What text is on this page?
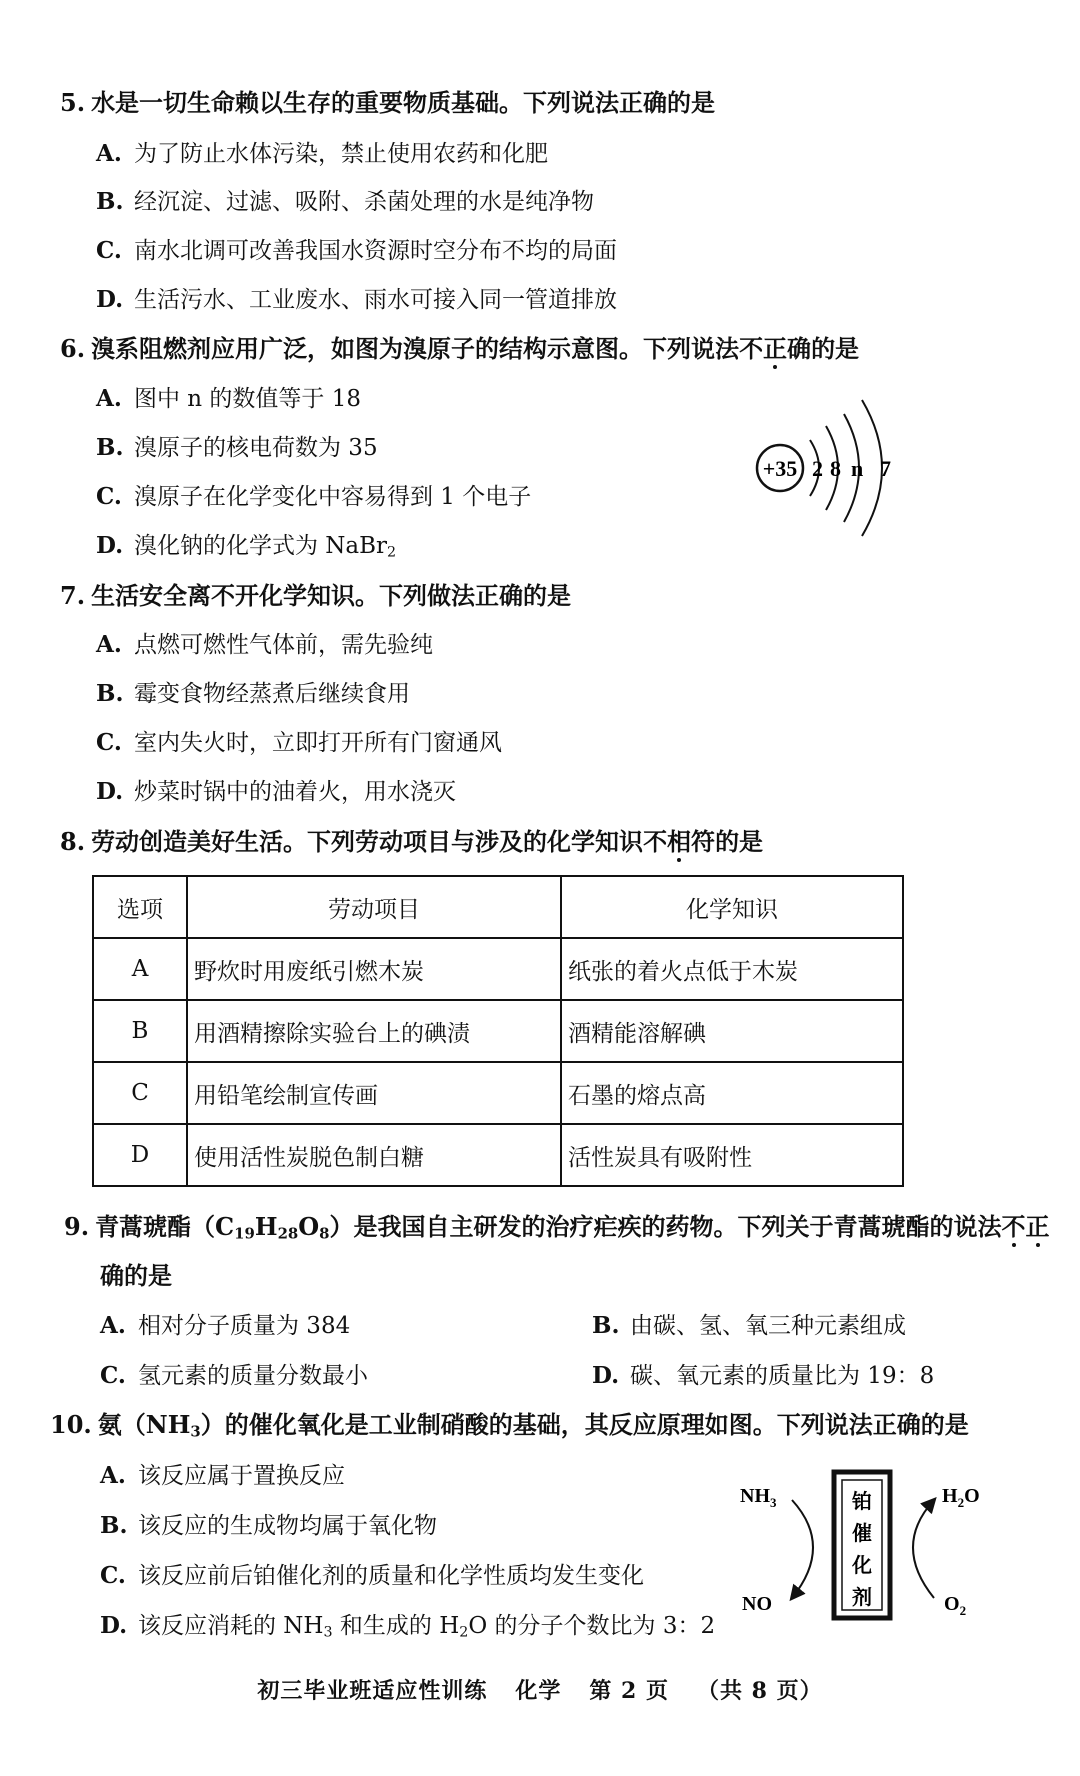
5. 水是一切生命赖以生存的重要物质基础。下列说法正确的是
A. 为了防止水体污染，禁止使用农药和化肥
B. 经沉淀、过滤、吸附、杀菌处理的水是纯净物
C. 南水北调可改善我国水资源时空分布不均的局面
D. 生活污水、工业废水、雨水可接入同一管道排放
6. 溴系阻燃剂应用广泛，如图为溴原子的结构示意图。下列说法不正确的是
A. 图中 n 的数值等于 18
B. 溴原子的核电荷数为 35
C. 溴原子在化学变化中容易得到 1 个电子
D. 溴化钠的化学式为 NaBr$_2$
+35 2 8 n 7
7. 生活安全离不开化学知识。下列做法正确的是
A. 点燃可燃性气体前，需先验纯
B. 霉变食物经蒸煮后继续食用
C. 室内失火时，立即打开所有门窗通风
D. 炒菜时锅中的油着火，用水浇灭
8. 劳动创造美好生活。下列劳动项目与涉及的化学知识不相符的是
选项	劳动项目	化学知识
A	野炊时用废纸引燃木炭	纸张的着火点低于木炭
B	用酒精擦除实验台上的碘渍	酒精能溶解碘
C	用铅笔绘制宣传画	石墨的熔点高
D	使用活性炭脱色制白糖	活性炭具有吸附性
9. 青蒿琥酯$(C_{19}H_{28}O_8)$是我国自主研发的治疗疟疾的药物。下列关于青蒿琥酯的说法不正
确的是
A. 相对分子质量为 384	B. 由碳、氢、氧三种元素组成
C. 氢元素的质量分数最小	D. 碳、氧元素的质量比为 19：8
10. 氨$(NH_3)$的催化氧化是工业制硝酸的基础，其反应原理如图。下列说法正确的是
A. 该反应属于置换反应
B. 该反应的生成物均属于氧化物
C. 该反应前后铂催化剂的质量和化学性质均发生变化
D. 该反应消耗的 $NH_3$ 和生成的 $H_2O$ 的分子个数比为 3：2
铂
催
化
剂
$NH_3$
NO
$H_2O$
$O_2$
初三毕业班适应性训练 化学 第 2 页 （共 8 页）
